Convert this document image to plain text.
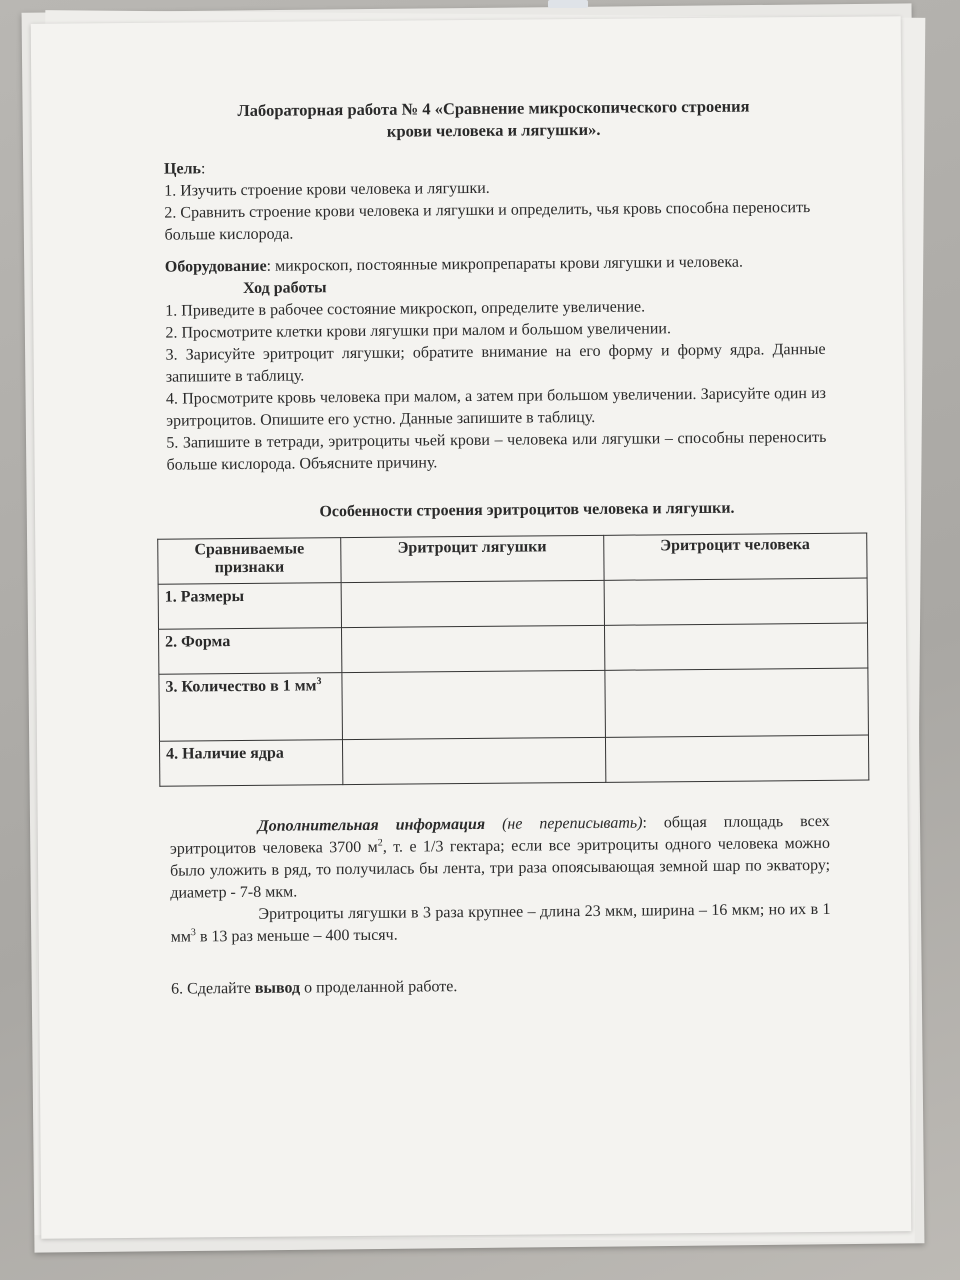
Лабораторная работа № 4 «Сравнение микроскопического строения
крови человека и лягушки».

Цель:

1. Изучить строение крови человека и лягушки.

2. Сравнить строение крови человека и лягушки и определить, чья кровь способна переносить больше кислорода.

Оборудование: микроскоп, постоянные микропрепараты крови лягушки и человека.

Ход работы

1. Приведите в рабочее состояние микроскоп, определите увеличение.

2. Просмотрите клетки крови лягушки при малом и большом увеличении.

3. Зарисуйте эритроцит лягушки; обратите внимание на его форму и форму ядра. Данные запишите в таблицу.

4. Просмотрите кровь человека при малом, а затем при большом увеличении. Зарисуйте один из эритроцитов. Опишите его устно. Данные запишите в таблицу.

5. Запишите в тетради, эритроциты чьей крови – человека или лягушки – способны переносить больше кислорода. Объясните причину.

Особенности строения эритроцитов человека и лягушки.

Сравниваемые признаки	Эритроцит лягушки	Эритроцит человека
1. Размеры		
2. Форма		
3. Количество в 1 $мм^3$		
4. Наличие ядра		

Дополнительная информация (не переписывать): общая площадь всех эритроцитов человека 3700 $м^2$, т. е 1/3 гектара; если все эритроциты одного человека можно было уложить в ряд, то получилась бы лента, три раза опоясывающая земной шар по экватору; диаметр - 7-8 мкм.

Эритроциты лягушки в 3 раза крупнее – длина 23 мкм, ширина – 16 мкм; но их в 1 $мм^3$ в 13 раз меньше – 400 тысяч.

6. Сделайте вывод о проделанной работе.
